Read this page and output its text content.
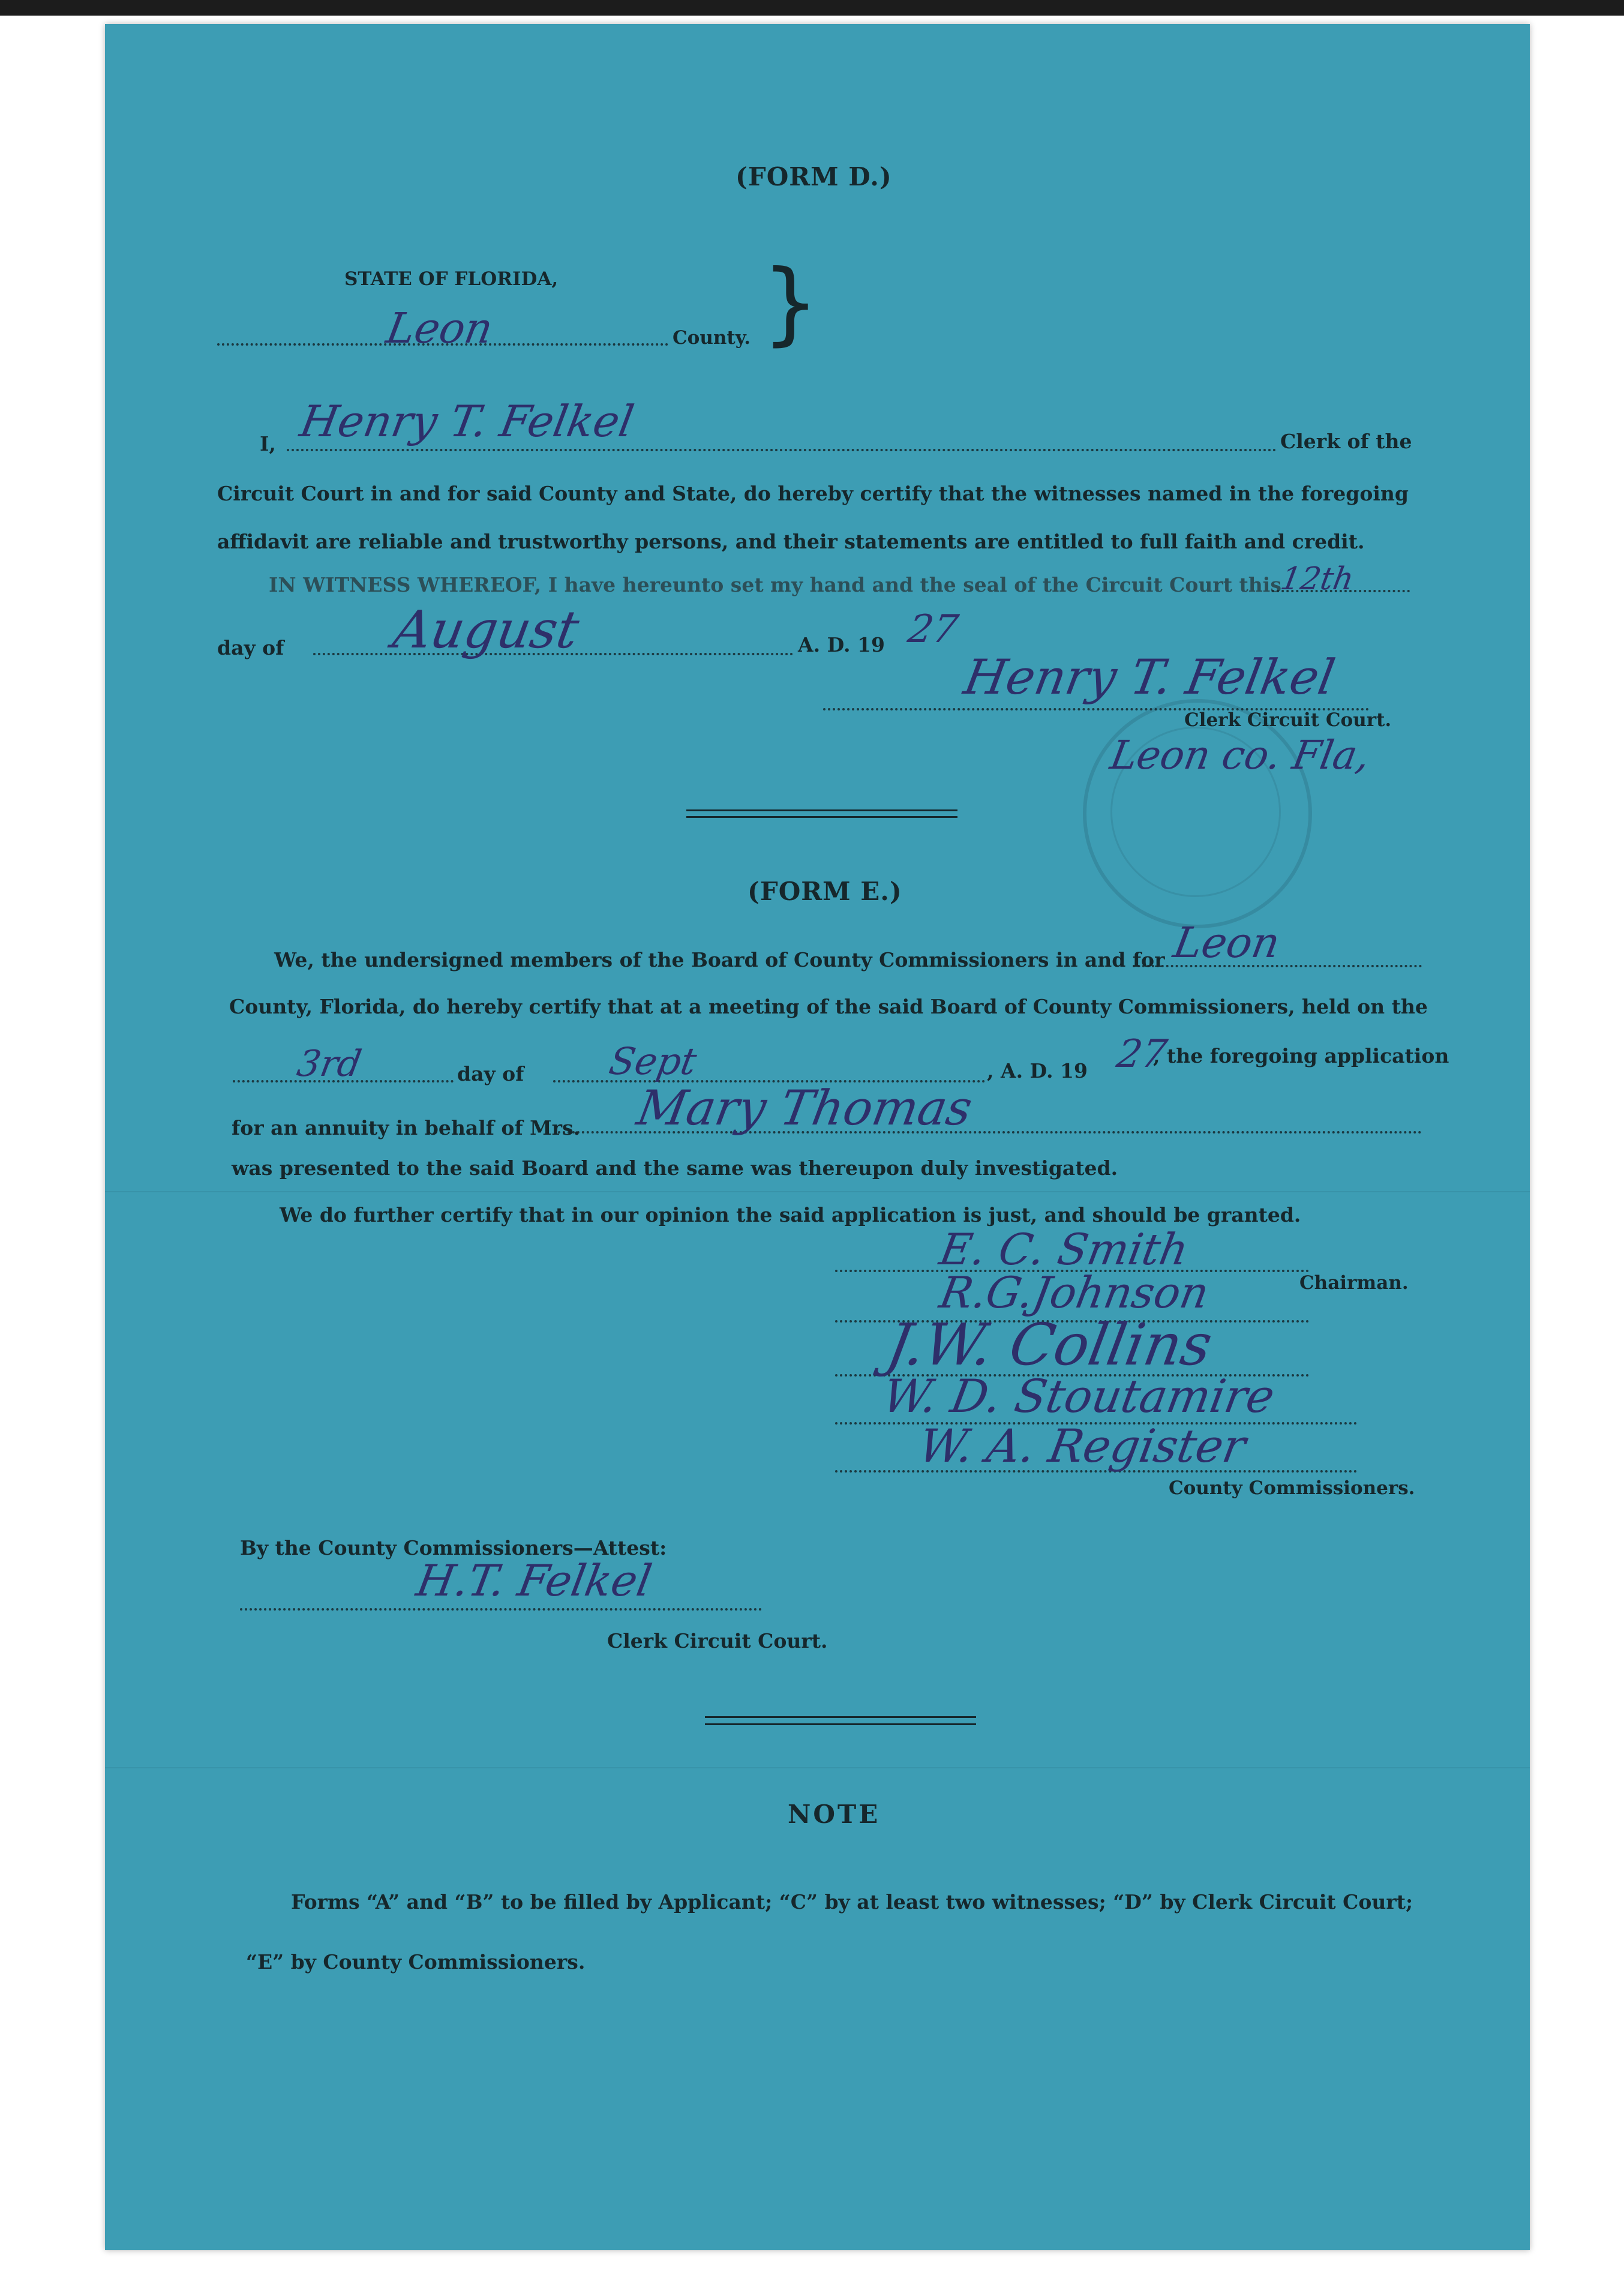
(FORM D.)
STATE OF FLORIDA,
Leon	County. }
I, Henry T. Felkel	Clerk of the
Circuit Court in and for said County and State, do hereby certify that the witnesses named in the foregoing
affidavit are reliable and trustworthy persons, and their statements are entitled to full faith and credit.
IN WITNESS WHEREOF, I have hereunto set my hand and the seal of the Circuit Court this
12th
day of August	A. D. 19 27
Henry T. Felkel
Clerk Circuit Court.
Leon co. Fla,
(FORM E.)
We, the undersigned members of the Board of County Commissioners in and for Leon
County, Florida, do hereby certify that at a meeting of the said Board of County Commissioners, held on the
3rd	day of Sept	, A. D. 19 27
, the foregoing application
for an annuity in behalf of Mrs. Mary Thomas
was presented to the said Board and the same was thereupon duly investigated.
We do further certify that in our opinion the said application is just, and should be granted.
E. C. Smith
Chairman.
R.G.Johnson
J.W. Collins
W. D. Stoutamire
W. A. Register
County Commissioners.
By the County Commissioners—Attest:
H.T. Felkel
Clerk Circuit Court.
NOTE
Forms “A” and “B” to be filled by Applicant; “C” by at least two witnesses; “D” by Clerk Circuit Court;
“E” by County Commissioners.
